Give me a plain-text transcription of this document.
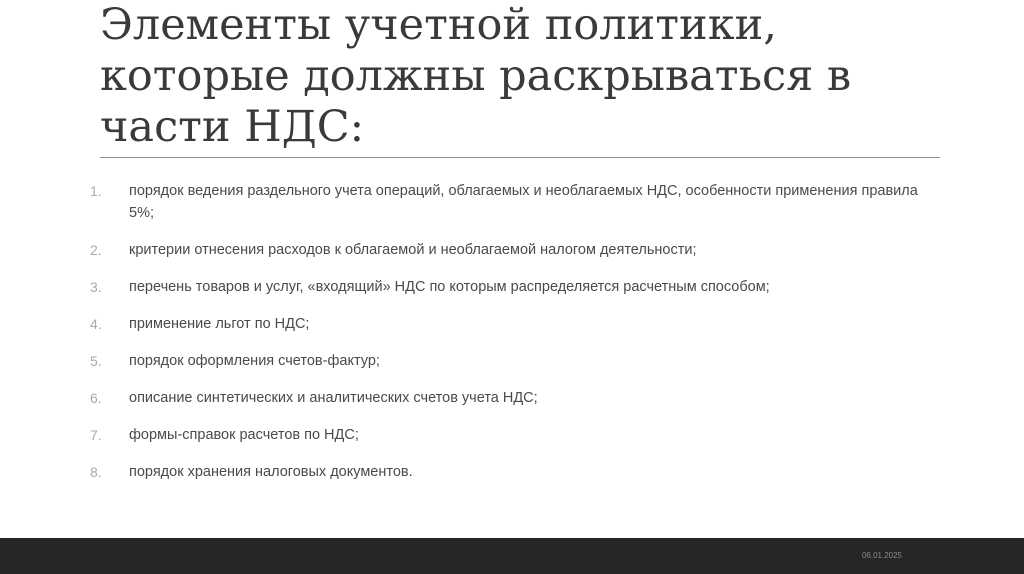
Элементы учетной политики,
которые должны раскрываться в
части НДС:
1.	порядок ведения раздельного учета операций, облагаемых и необлагаемых НДС, особенности применения правила 5%;
2.	критерии отнесения расходов к облагаемой и необлагаемой налогом деятельности;
3.	перечень товаров и услуг, «входящий» НДС по которым распределяется расчетным способом;
4.	применение льгот по НДС;
5.	порядок оформления счетов-фактур;
6.	описание синтетических и аналитических счетов учета НДС;
7.	формы-справок расчетов по НДС;
8.	порядок хранения налоговых документов.
06.01.2025
